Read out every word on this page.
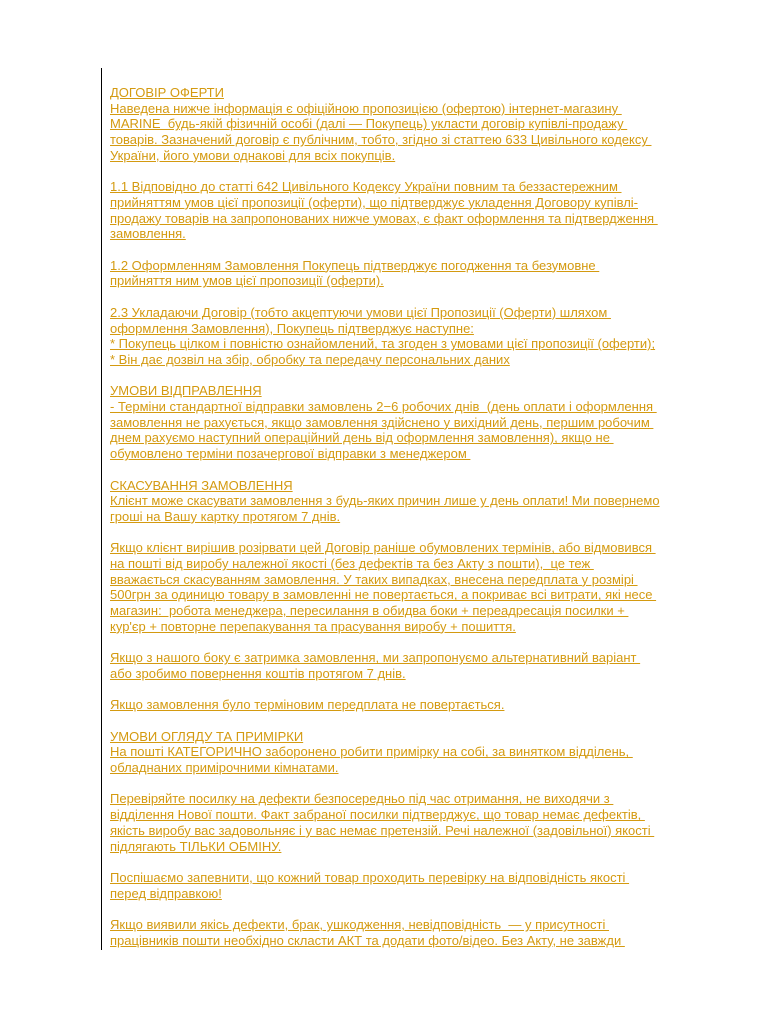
ДОГОВІР ОФЕРТИ
Наведена нижче інформація є офіційною пропозицією (офертою) інтернет-магазину
MARINE  будь-якій фізичній особі (далі — Покупець) укласти договір купівлі-продажу
товарів. Зазначений договір є публічним, тобто, згідно зі статтею 633 Цивільного кодексу
України, його умови однакові для всіх покупців.

1.1 Відповідно до статті 642 Цивільного Кодексу України повним та беззастережним
прийняттям умов цієї пропозиції (оферти), що підтверджує укладення Договору купівлі-
продажу товарів на запропонованих нижче умовах, є факт оформлення та підтвердження
замовлення.

1.2 Оформленням Замовлення Покупець підтверджує погодження та безумовне
прийняття ним умов цієї пропозиції (оферти).

2.3 Укладаючи Договір (тобто акцептуючи умови цієї Пропозиції (Оферти) шляхом
оформлення Замовлення), Покупець підтверджує наступне:
* Покупець цілком і повністю ознайомлений, та згоден з умовами цієї пропозиції (оферти);
* Він дає дозвіл на збір, обробку та передачу персональних даних

УМОВИ ВІДПРАВЛЕННЯ
- Терміни стандартної відправки замовлень 2−6 робочих днів  (день оплати і оформлення
замовлення не рахується, якщо замовлення здійснено у вихідний день, першим робочим
днем рахуємо наступний операційний день від оформлення замовлення), якщо не
обумовлено терміни позачергової відправки з менеджером

СКАСУВАННЯ ЗАМОВЛЕННЯ
Клієнт може скасувати замовлення з будь-яких причин лише у день оплати! Ми повернемо
гроші на Вашу картку протягом 7 днів.

Якщо клієнт вирішив розірвати цей Договір раніше обумовлених термінів, або відмовився
на пошті від виробу належної якості (без дефектів та без Акту з пошти),  це теж
вважається скасуванням замовлення. У таких випадках, внесена передплата у розмірі
500грн за одиницю товару в замовленні не повертається, а покриває всі витрати, які несе
магазин:  робота менеджера, пересилання в обидва боки + переадресація посилки +
кур'єр + повторне перепакування та прасування виробу + пошиття.

Якщо з нашого боку є затримка замовлення, ми запропонуємо альтернативний варіант
або зробимо повернення коштів протягом 7 днів.

Якщо замовлення було терміновим передплата не повертається.

УМОВИ ОГЛЯДУ ТА ПРИМІРКИ
На пошті КАТЕГОРИЧНО заборонено робити примірку на собі, за винятком відділень,
обладнаних примірочними кімнатами.

Перевіряйте посилку на дефекти безпосередньо під час отримання, не виходячи з
відділення Нової пошти. Факт забраної посилки підтверджує, що товар немає дефектів,
якість виробу вас задовольняє і у вас немає претензій. Речі належної (задовільної) якості
підлягають ТІЛЬКИ ОБМІНУ.

Поспішаємо запевнити, що кожний товар проходить перевірку на відповідність якості
перед відправкою!

Якщо виявили якісь дефекти, брак, ушкодження, невідповідність  — у присутності
працівників пошти необхідно скласти АКТ та додати фото/відео. Без Акту, не завжди
